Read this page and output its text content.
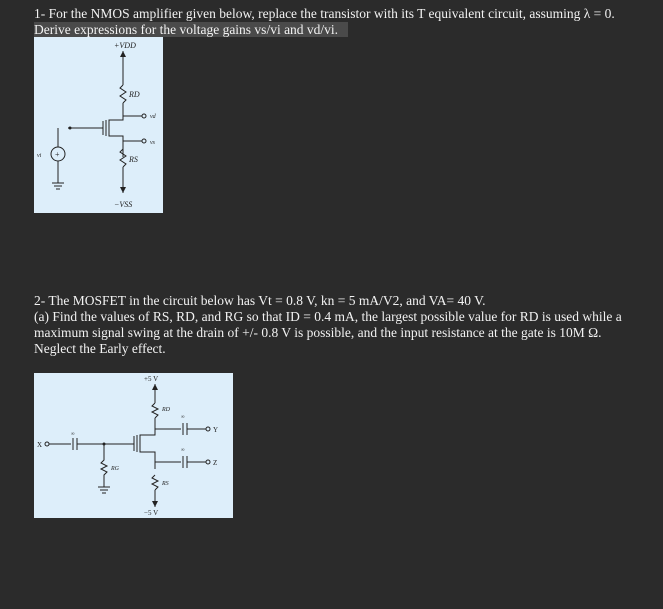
1- For the NMOS amplifier given below, replace the transistor with its T equivalent circuit, assuming λ = 0.
Derive expressions for the voltage gains vs/vi and vd/vi.
+VDD
RD
vd
vs
RS
−VSS
+
vi
2- The MOSFET in the circuit below has Vt = 0.8 V, kn = 5 mA/V2, and VA= 40 V.
(a) Find the values of RS, RD, and RG so that ID = 0.4 mA, the largest possible value for RD is used while a maximum signal swing at the drain of +/- 0.8 V is possible, and the input resistance at the gate is 10M Ω.
Neglect the Early effect.
+5 V
RD
∞
Y
∞
Z
RS
−5 V
X
∞
RG
